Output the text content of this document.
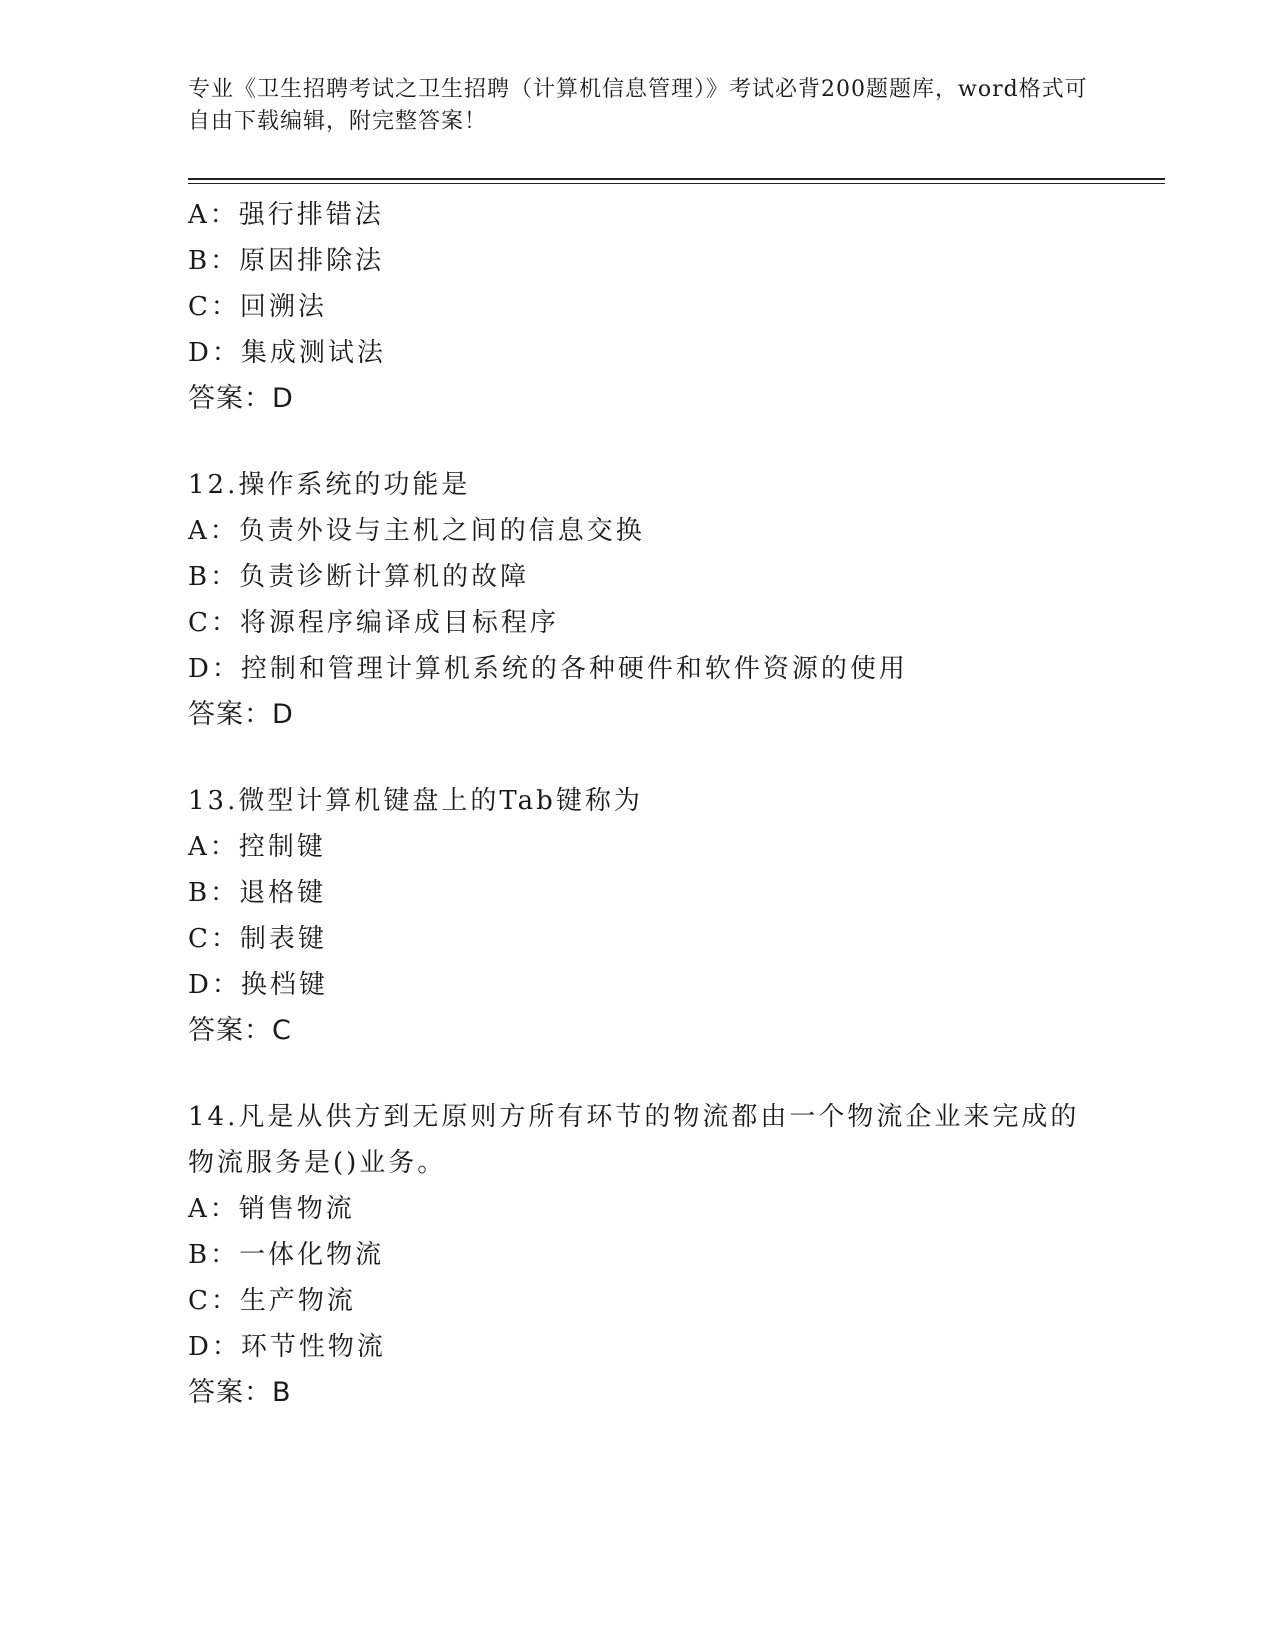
专业《卫生招聘考试之卫生招聘（计算机信息管理）》考试必背200题题库，word格式可自由下载编辑，附完整答案！
A：强行排错法
B：原因排除法
C：回溯法
D：集成测试法
答案：D
12.操作系统的功能是
A：负责外设与主机之间的信息交换
B：负责诊断计算机的故障
C：将源程序编译成目标程序
D：控制和管理计算机系统的各种硬件和软件资源的使用
答案：D
13.微型计算机键盘上的Tab键称为
A：控制键
B：退格键
C：制表键
D：换档键
答案：C
14.凡是从供方到无原则方所有环节的物流都由一个物流企业来完成的物流服务是()业务。
A：销售物流
B：一体化物流
C：生产物流
D：环节性物流
答案：B
